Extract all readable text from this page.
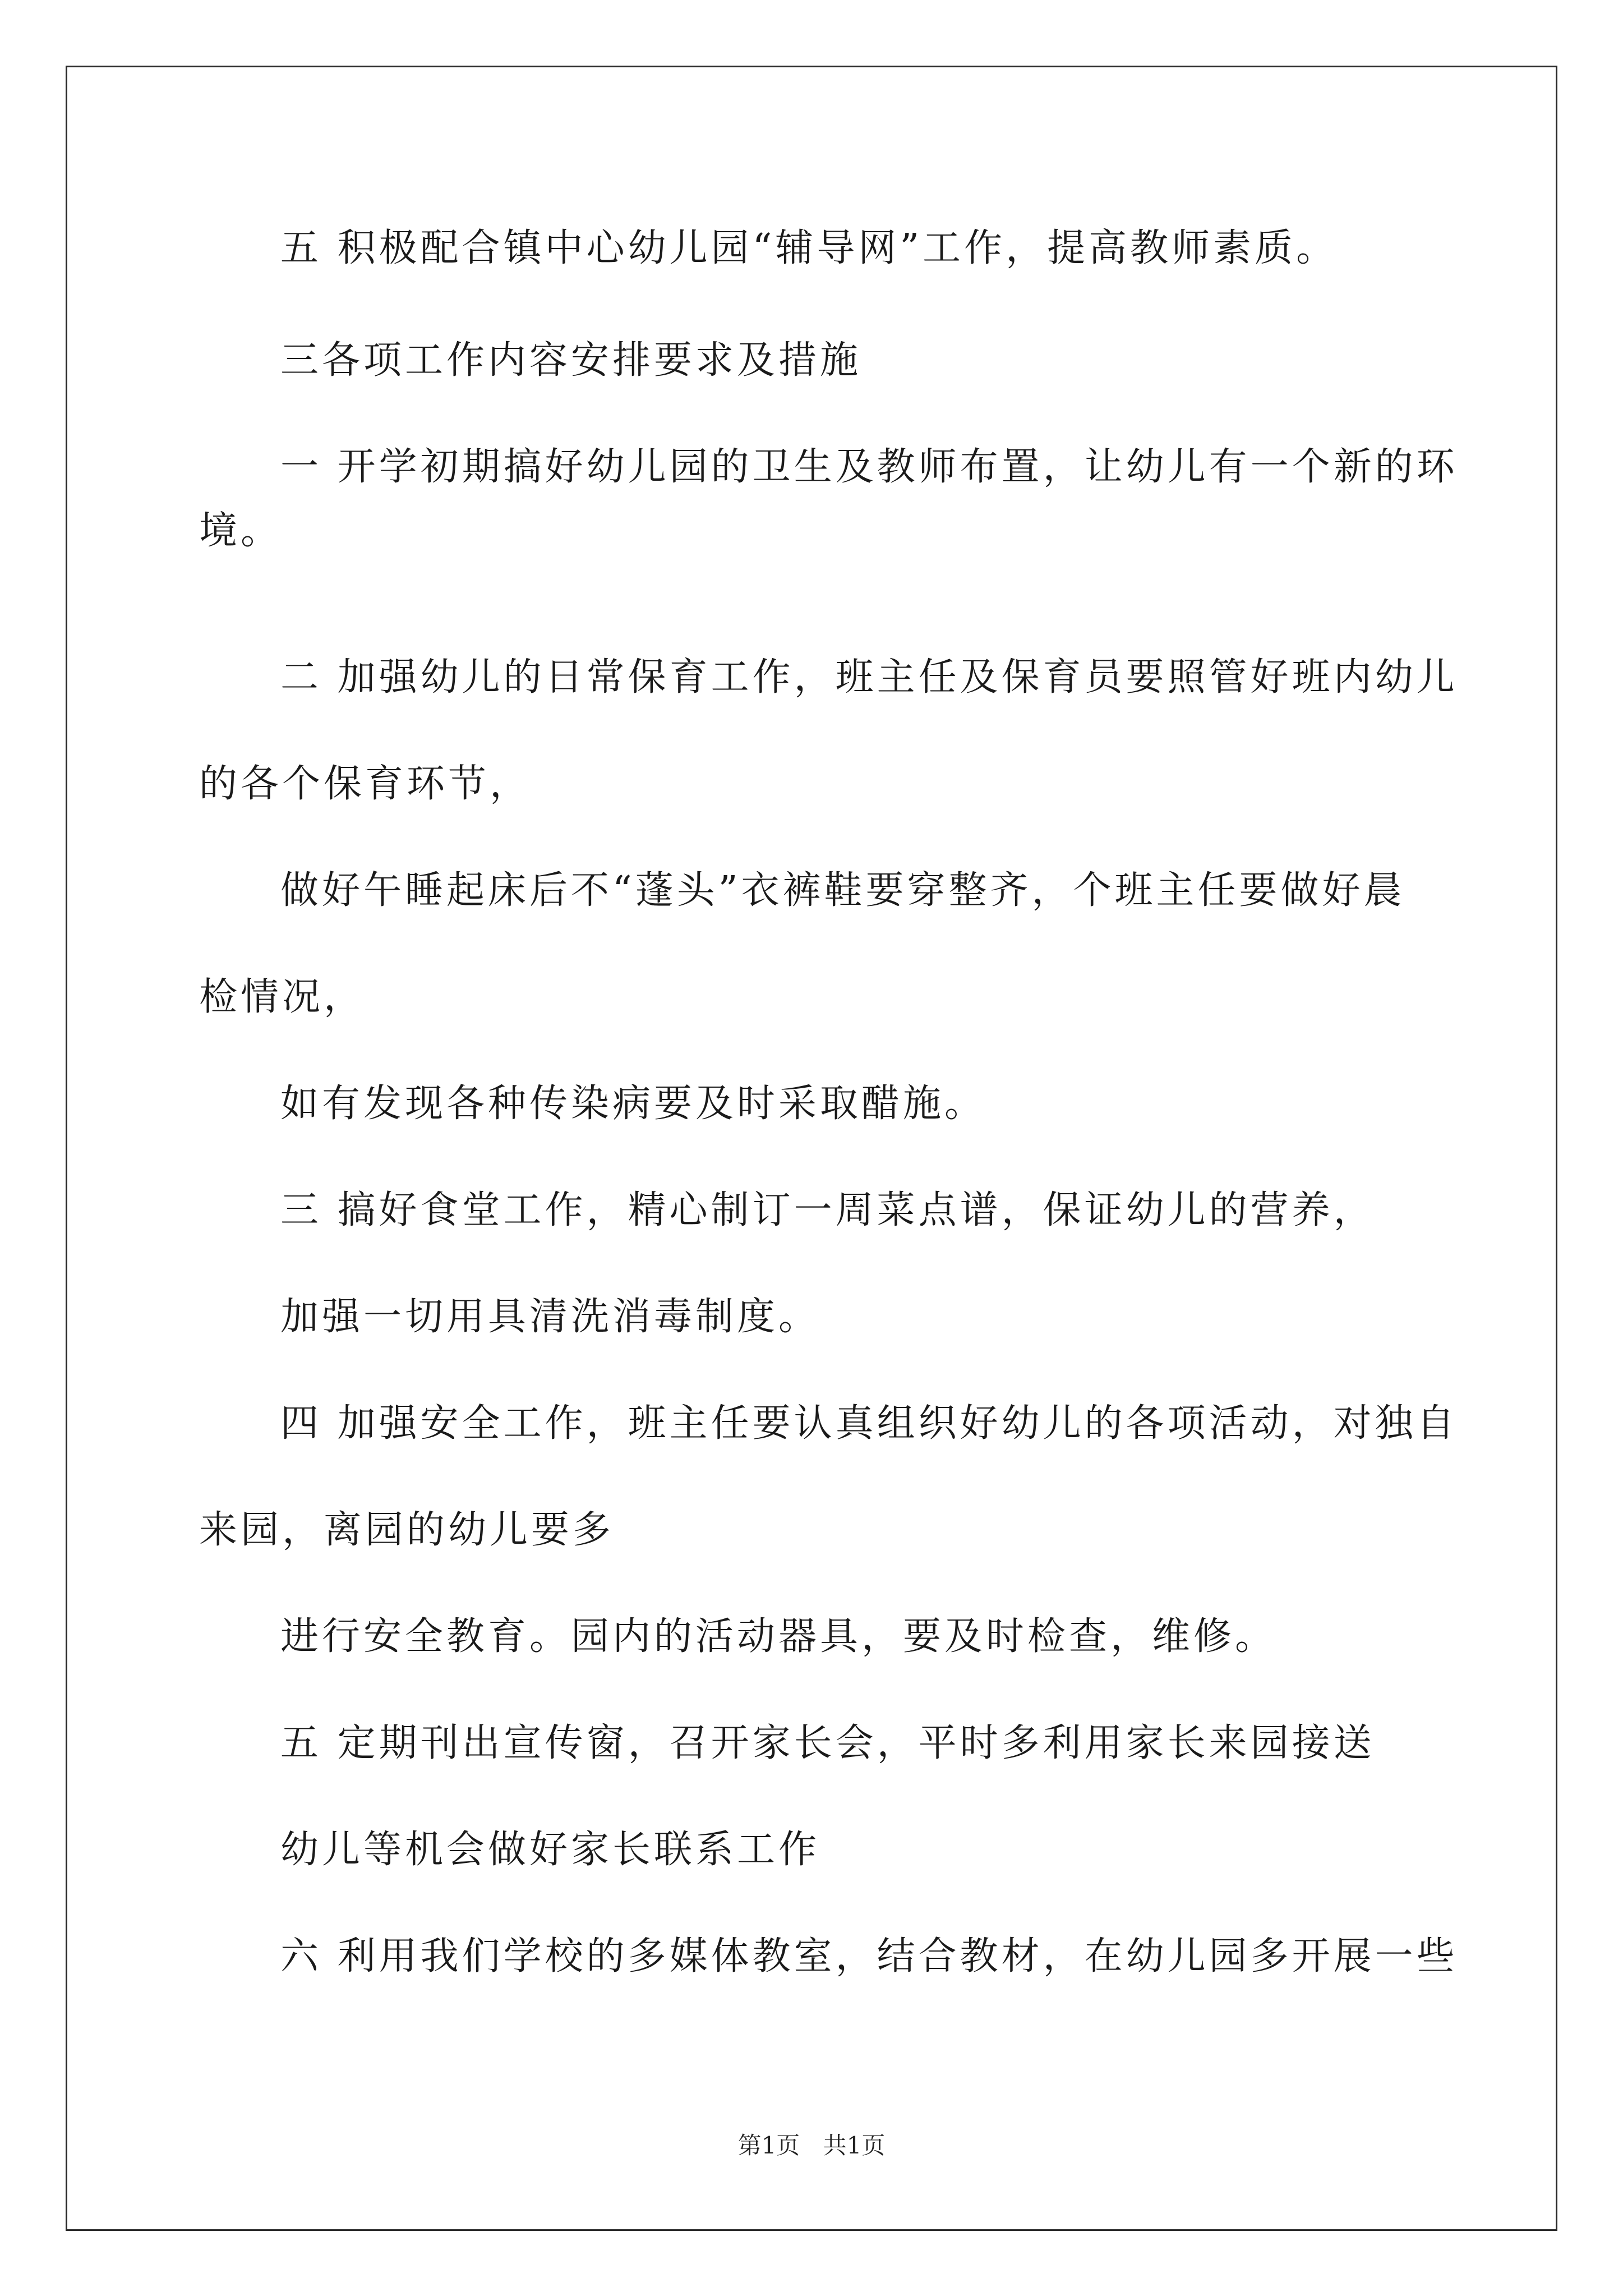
五 积极配合镇中心幼儿园“辅导网”工作，提高教师素质。
三各项工作内容安排要求及措施
一 开学初期搞好幼儿园的卫生及教师布置，让幼儿有一个新的环
境。
二 加强幼儿的日常保育工作，班主任及保育员要照管好班内幼儿
的各个保育环节，
做好午睡起床后不“蓬头”衣裤鞋要穿整齐，个班主任要做好晨
检情况，
如有发现各种传染病要及时采取醋施。
三 搞好食堂工作，精心制订一周菜点谱，保证幼儿的营养，
加强一切用具清洗消毒制度。
四 加强安全工作，班主任要认真组织好幼儿的各项活动，对独自
来园，离园的幼儿要多
进行安全教育。园内的活动器具，要及时检查，维修。
五 定期刊出宣传窗，召开家长会，平时多利用家长来园接送
幼儿等机会做好家长联系工作
六 利用我们学校的多媒体教室，结合教材，在幼儿园多开展一些
第1页 共1页
